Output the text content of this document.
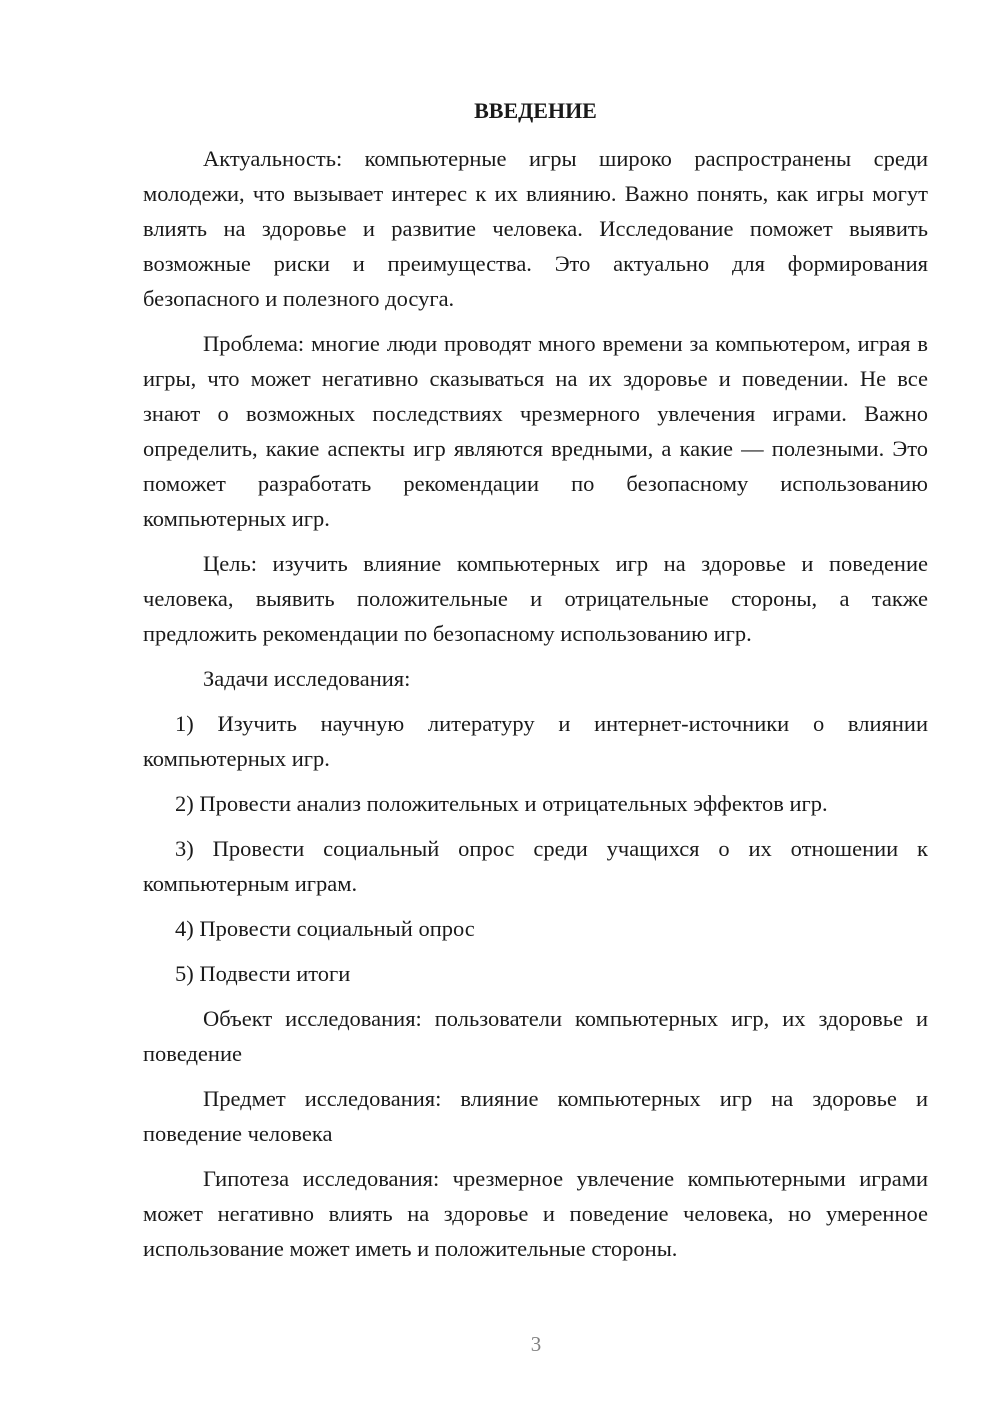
ВВЕДЕНИЕ

Актуальность: компьютерные игры широко распространены среди молодежи, что вызывает интерес к их влиянию. Важно понять, как игры могут влиять на здоровье и развитие человека. Исследование поможет выявить возможные риски и преимущества. Это актуально для формирования безопасного и полезного досуга.

Проблема: многие люди проводят много времени за компьютером, играя в игры, что может негативно сказываться на их здоровье и поведении. Не все знают о возможных последствиях чрезмерного увлечения играми. Важно определить, какие аспекты игр являются вредными, а какие — полезными. Это поможет разработать рекомендации по безопасному использованию компьютерных игр.

Цель: изучить влияние компьютерных игр на здоровье и поведение человека, выявить положительные и отрицательные стороны, а также предложить рекомендации по безопасному использованию игр.

Задачи исследования:

1) Изучить научную литературу и интернет-источники о влиянии компьютерных игр.

2) Провести анализ положительных и отрицательных эффектов игр.

3) Провести социальный опрос среди учащихся о их отношении к компьютерным играм.

4) Провести социальный опрос

5) Подвести итоги

Объект исследования: пользователи компьютерных игр, их здоровье и поведение

Предмет исследования: влияние компьютерных игр на здоровье и поведение человека

Гипотеза исследования: чрезмерное увлечение компьютерными играми может негативно влиять на здоровье и поведение человека, но умеренное использование может иметь и положительные стороны.

3
